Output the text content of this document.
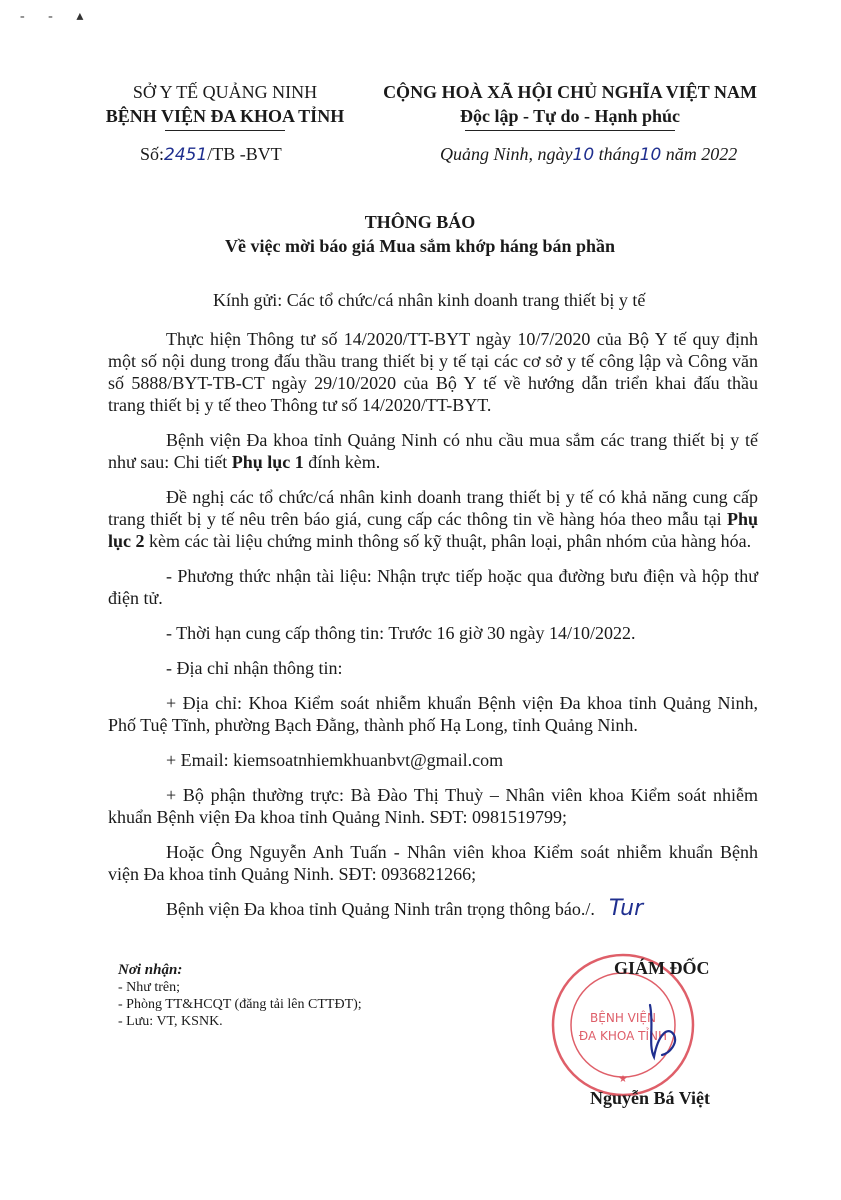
- - ▴
SỞ Y TẾ QUẢNG NINH
BỆNH VIỆN ĐA KHOA TỈNH
CỘNG HOÀ XÃ HỘI CHỦ NGHĨA VIỆT NAM
Độc lập - Tự do - Hạnh phúc
Số:2451/TB -BVT	Quảng Ninh, ngày10 tháng10 năm 2022
THÔNG BÁO
Về việc mời báo giá Mua sắm khớp háng bán phần
Kính gửi: Các tổ chức/cá nhân kinh doanh trang thiết bị y tế

Thực hiện Thông tư số 14/2020/TT-BYT ngày 10/7/2020 của Bộ Y tế quy định một số nội dung trong đấu thầu trang thiết bị y tế tại các cơ sở y tế công lập và Công văn số 5888/BYT-TB-CT ngày 29/10/2020 của Bộ Y tế về hướng dẫn triển khai đấu thầu trang thiết bị y tế theo Thông tư số 14/2020/TT-BYT.

Bệnh viện Đa khoa tỉnh Quảng Ninh có nhu cầu mua sắm các trang thiết bị y tế như sau: Chi tiết Phụ lục 1 đính kèm.

Đề nghị các tổ chức/cá nhân kinh doanh trang thiết bị y tế có khả năng cung cấp trang thiết bị y tế nêu trên báo giá, cung cấp các thông tin về hàng hóa theo mẫu tại Phụ lục 2 kèm các tài liệu chứng minh thông số kỹ thuật, phân loại, phân nhóm của hàng hóa.

- Phương thức nhận tài liệu: Nhận trực tiếp hoặc qua đường bưu điện và hộp thư điện tử.

- Thời hạn cung cấp thông tin: Trước 16 giờ 30 ngày 14/10/2022.

- Địa chỉ nhận thông tin:

+ Địa chỉ: Khoa Kiểm soát nhiễm khuẩn Bệnh viện Đa khoa tỉnh Quảng Ninh, Phố Tuệ Tĩnh, phường Bạch Đằng, thành phố Hạ Long, tỉnh Quảng Ninh.

+ Email: kiemsoatnhiemkhuanbvt@gmail.com

+ Bộ phận thường trực: Bà Đào Thị Thuỳ – Nhân viên khoa Kiểm soát nhiễm khuẩn Bệnh viện Đa khoa tỉnh Quảng Ninh. SĐT: 0981519799;

Hoặc Ông Nguyễn Anh Tuấn - Nhân viên khoa Kiểm soát nhiễm khuẩn Bệnh viện Đa khoa tỉnh Quảng Ninh. SĐT: 0936821266;

Bệnh viện Đa khoa tỉnh Quảng Ninh trân trọng thông báo./. Tur

Nơi nhận:
- Như trên;
- Phòng TT&HCQT (đăng tải lên CTTĐT);
- Lưu: VT, KSNK.
★
BỆNH VIỆN
ĐA KHOA TỈNH
GIÁM ĐỐC
Nguyễn Bá Việt
